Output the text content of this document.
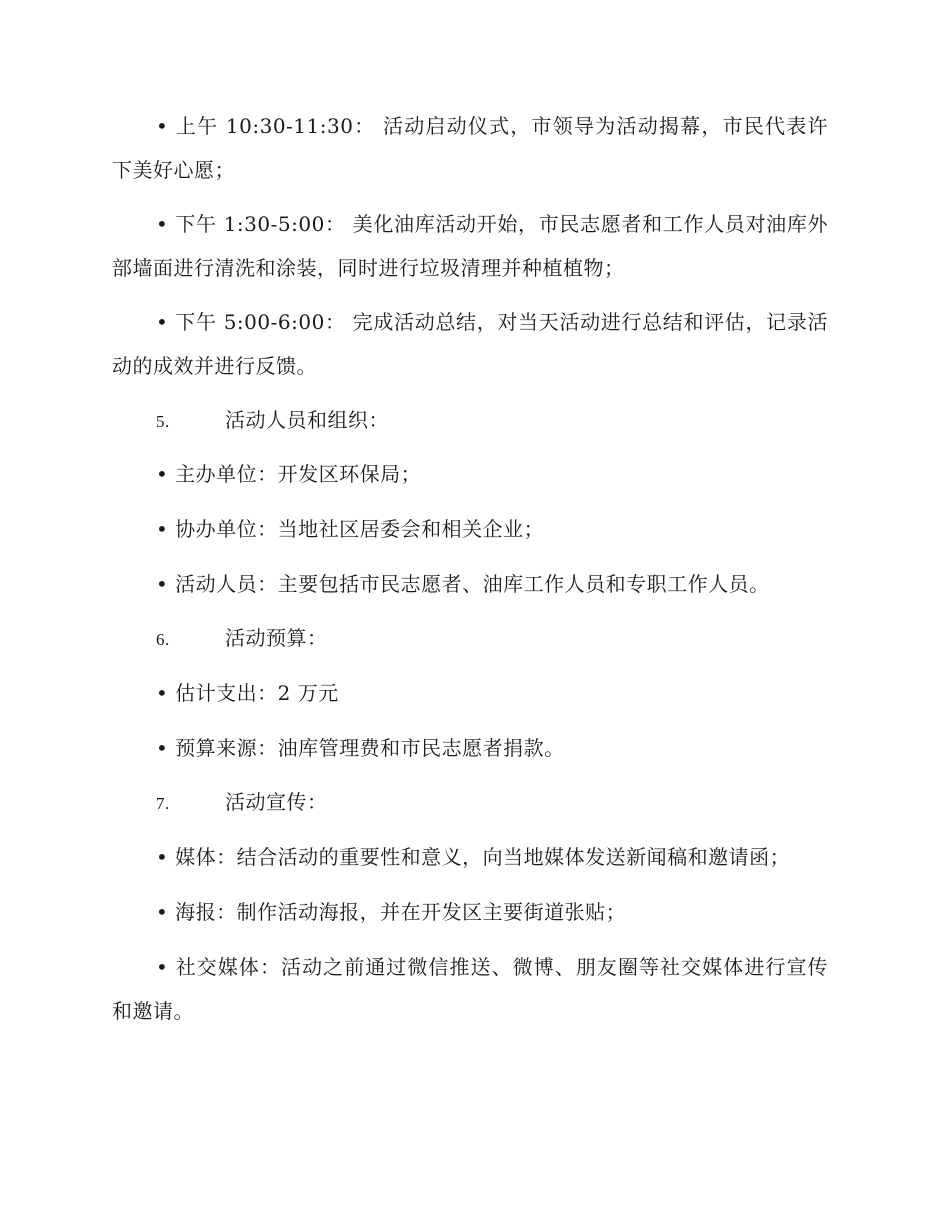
• 上午 10:30-11:30： 活动启动仪式，市领导为活动揭幕，市民代表许下美好心愿；

• 下午 1:30-5:00： 美化油库活动开始，市民志愿者和工作人员对油库外部墙面进行清洗和涂装，同时进行垃圾清理并种植植物；

• 下午 5:00-6:00： 完成活动总结，对当天活动进行总结和评估，记录活动的成效并进行反馈。

5.	活动人员和组织：

• 主办单位：开发区环保局；

• 协办单位：当地社区居委会和相关企业；

• 活动人员：主要包括市民志愿者、油库工作人员和专职工作人员。

6.	活动预算：

• 估计支出：2 万元

• 预算来源：油库管理费和市民志愿者捐款。

7.	活动宣传：

• 媒体：结合活动的重要性和意义，向当地媒体发送新闻稿和邀请函；

• 海报：制作活动海报，并在开发区主要街道张贴；

• 社交媒体：活动之前通过微信推送、微博、朋友圈等社交媒体进行宣传和邀请。
